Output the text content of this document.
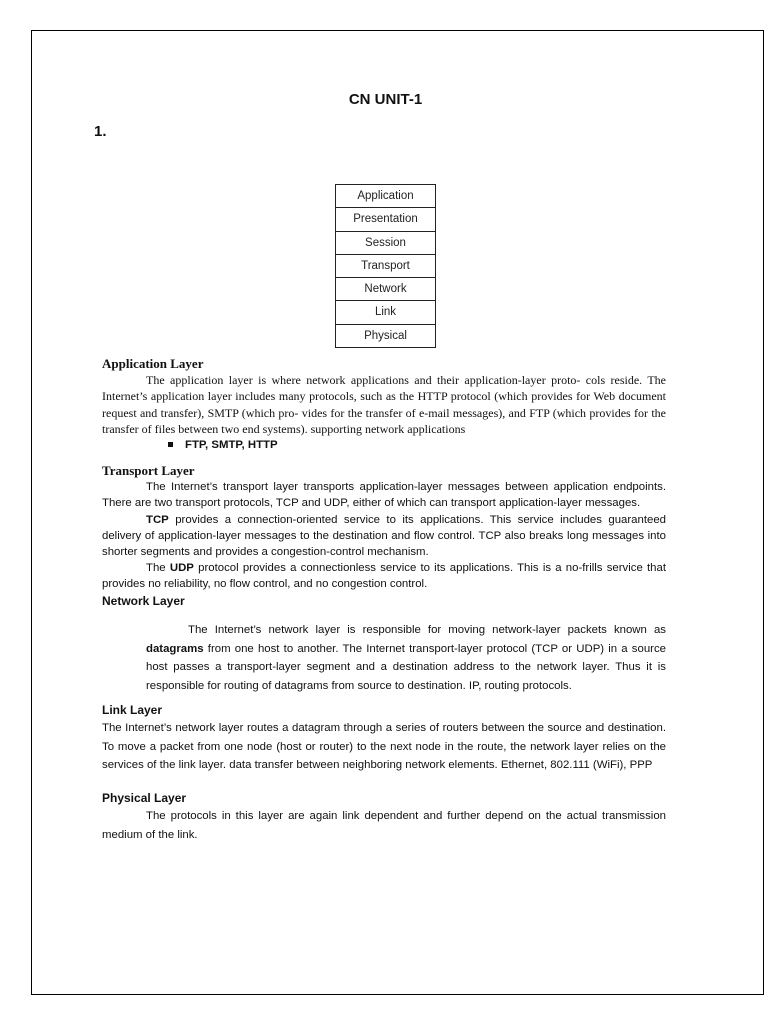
CN UNIT-1
1.
Application
Presentation
Session
Transport
Network
Link
Physical
Application Layer

The application layer is where network applications and their application-layer proto- cols reside. The Internet’s application layer includes many protocols, such as the HTTP protocol (which provides for Web document request and transfer), SMTP (which pro- vides for the transfer of e-mail messages), and FTP (which provides for the transfer of files between two end systems). supporting network applications

FTP, SMTP, HTTP
Transport Layer

The Internet’s transport layer transports application-layer messages between application endpoints. There are two transport protocols, TCP and UDP, either of which can transport application-layer messages.

TCP provides a connection-oriented service to its applications. This service includes guaranteed delivery of application-layer messages to the destination and flow control. TCP also breaks long messages into shorter segments and provides a congestion-control mechanism.

The UDP protocol provides a connectionless service to its applications. This is a no-frills service that provides no reliability, no flow control, and no congestion control.

Network Layer

The Internet’s network layer is responsible for moving network-layer packets known as datagrams from one host to another. The Internet transport-layer protocol (TCP or UDP) in a source host passes a transport-layer segment and a destination address to the network layer. Thus it is responsible for routing of datagrams from source to destination. IP, routing protocols.

Link Layer

The Internet’s network layer routes a datagram through a series of routers between the source and destination. To move a packet from one node (host or router) to the next node in the route, the network layer relies on the services of the link layer. data transfer between neighboring network elements. Ethernet, 802.111 (WiFi), PPP

Physical Layer

The protocols in this layer are again link dependent and further depend on the actual transmission medium of the link.
